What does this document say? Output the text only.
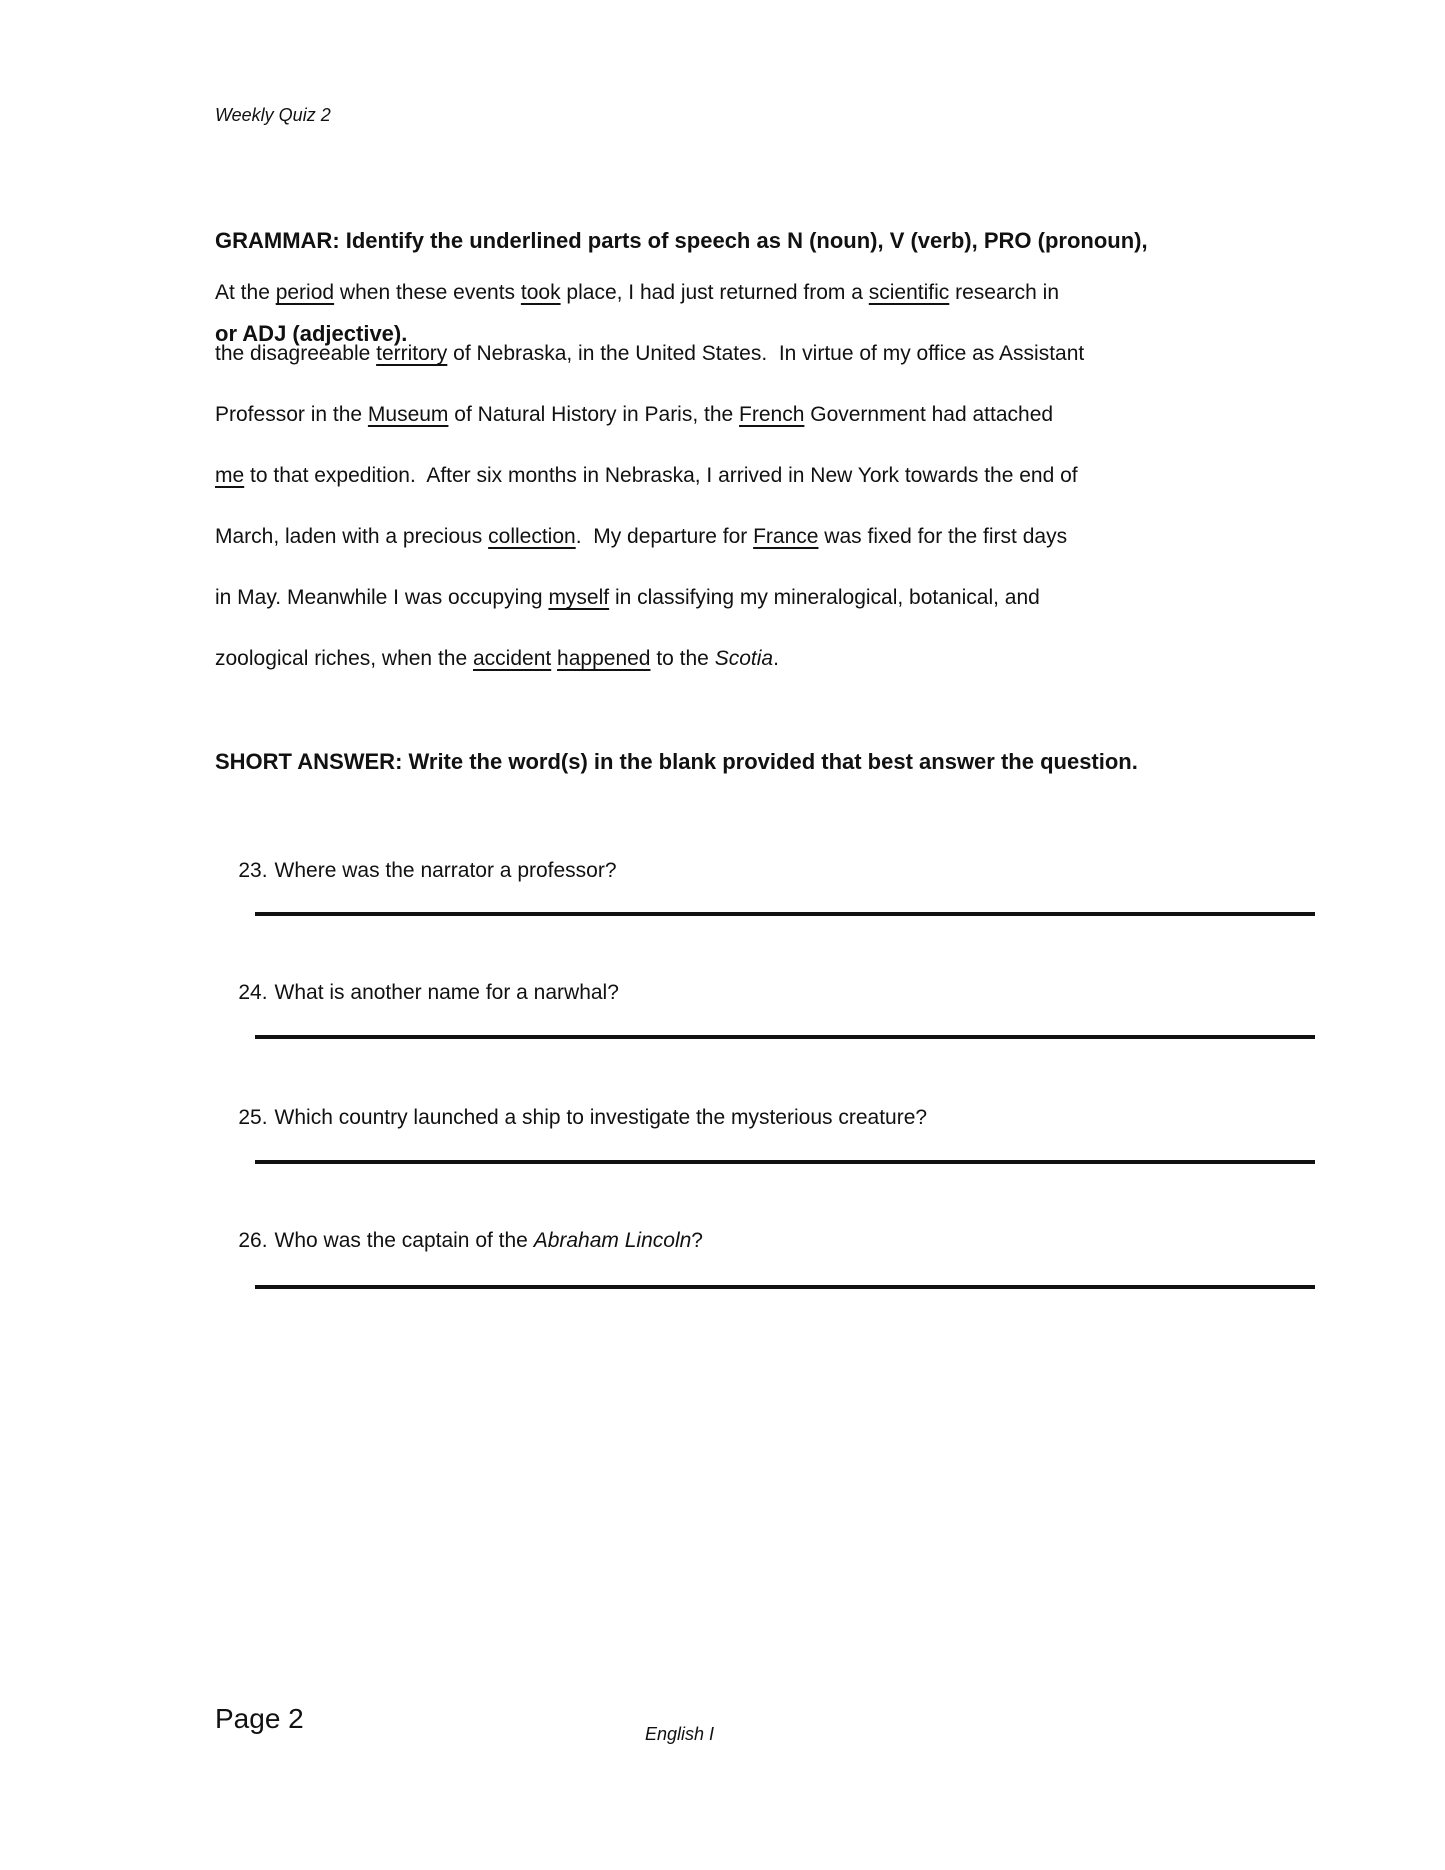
Weekly Quiz 2

GRAMMAR: Identify the underlined parts of speech as N (noun), V (verb), PRO (pronoun),

or ADJ (adjective).

At the period when these events took place, I had just returned from a scientific research in
the disagreeable territory of Nebraska, in the United States.  In virtue of my office as Assistant
Professor in the Museum of Natural History in Paris, the French Government had attached
me to that expedition.  After six months in Nebraska, I arrived in New York towards the end of
March, laden with a precious collection.  My departure for France was fixed for the first days
in May. Meanwhile I was occupying myself in classifying my mineralogical, botanical, and
zoological riches, when the accident happened to the Scotia.
SHORT ANSWER: Write the word(s) in the blank provided that best answer the question.

23. Where was the narrator a professor?

24. What is another name for a narwhal?

25. Which country launched a ship to investigate the mysterious creature?

26. Who was the captain of the Abraham Lincoln?

Page 2	English I
